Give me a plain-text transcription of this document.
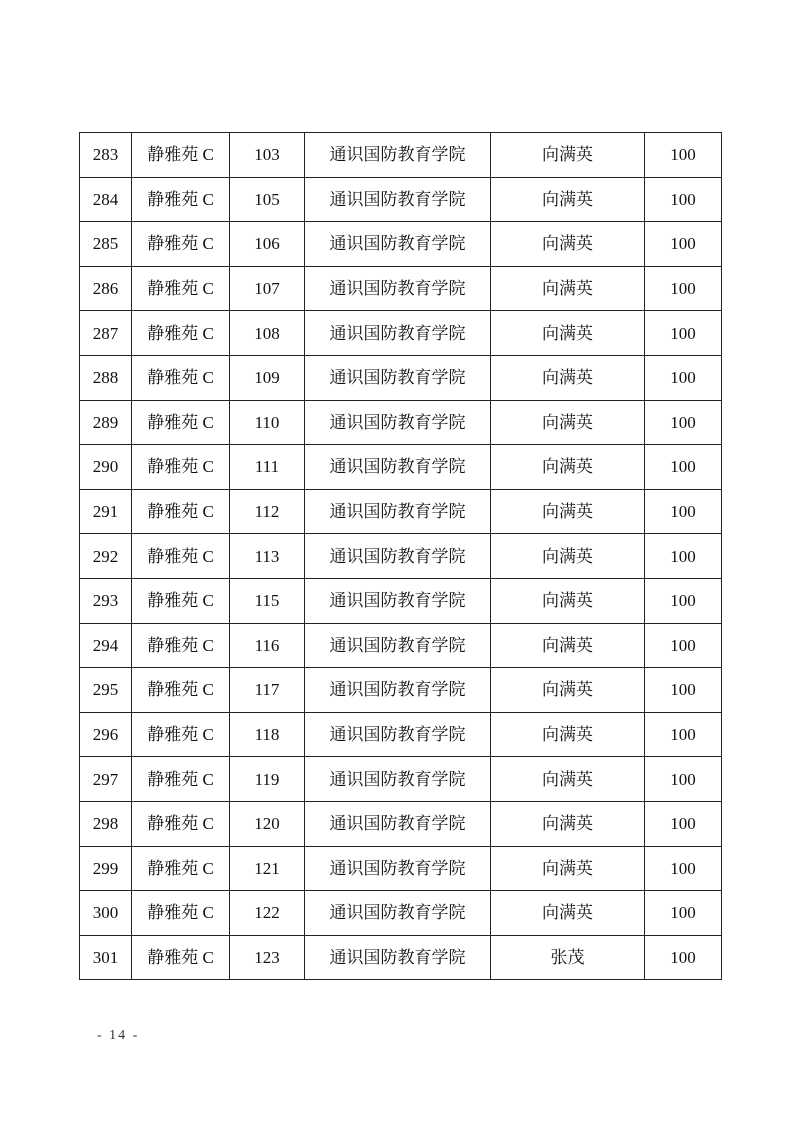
283	静雅苑 C	103	通识国防教育学院	向满英	100
284	静雅苑 C	105	通识国防教育学院	向满英	100
285	静雅苑 C	106	通识国防教育学院	向满英	100
286	静雅苑 C	107	通识国防教育学院	向满英	100
287	静雅苑 C	108	通识国防教育学院	向满英	100
288	静雅苑 C	109	通识国防教育学院	向满英	100
289	静雅苑 C	110	通识国防教育学院	向满英	100
290	静雅苑 C	111	通识国防教育学院	向满英	100
291	静雅苑 C	112	通识国防教育学院	向满英	100
292	静雅苑 C	113	通识国防教育学院	向满英	100
293	静雅苑 C	115	通识国防教育学院	向满英	100
294	静雅苑 C	116	通识国防教育学院	向满英	100
295	静雅苑 C	117	通识国防教育学院	向满英	100
296	静雅苑 C	118	通识国防教育学院	向满英	100
297	静雅苑 C	119	通识国防教育学院	向满英	100
298	静雅苑 C	120	通识国防教育学院	向满英	100
299	静雅苑 C	121	通识国防教育学院	向满英	100
300	静雅苑 C	122	通识国防教育学院	向满英	100
301	静雅苑 C	123	通识国防教育学院	张茂	100
- 14 -
